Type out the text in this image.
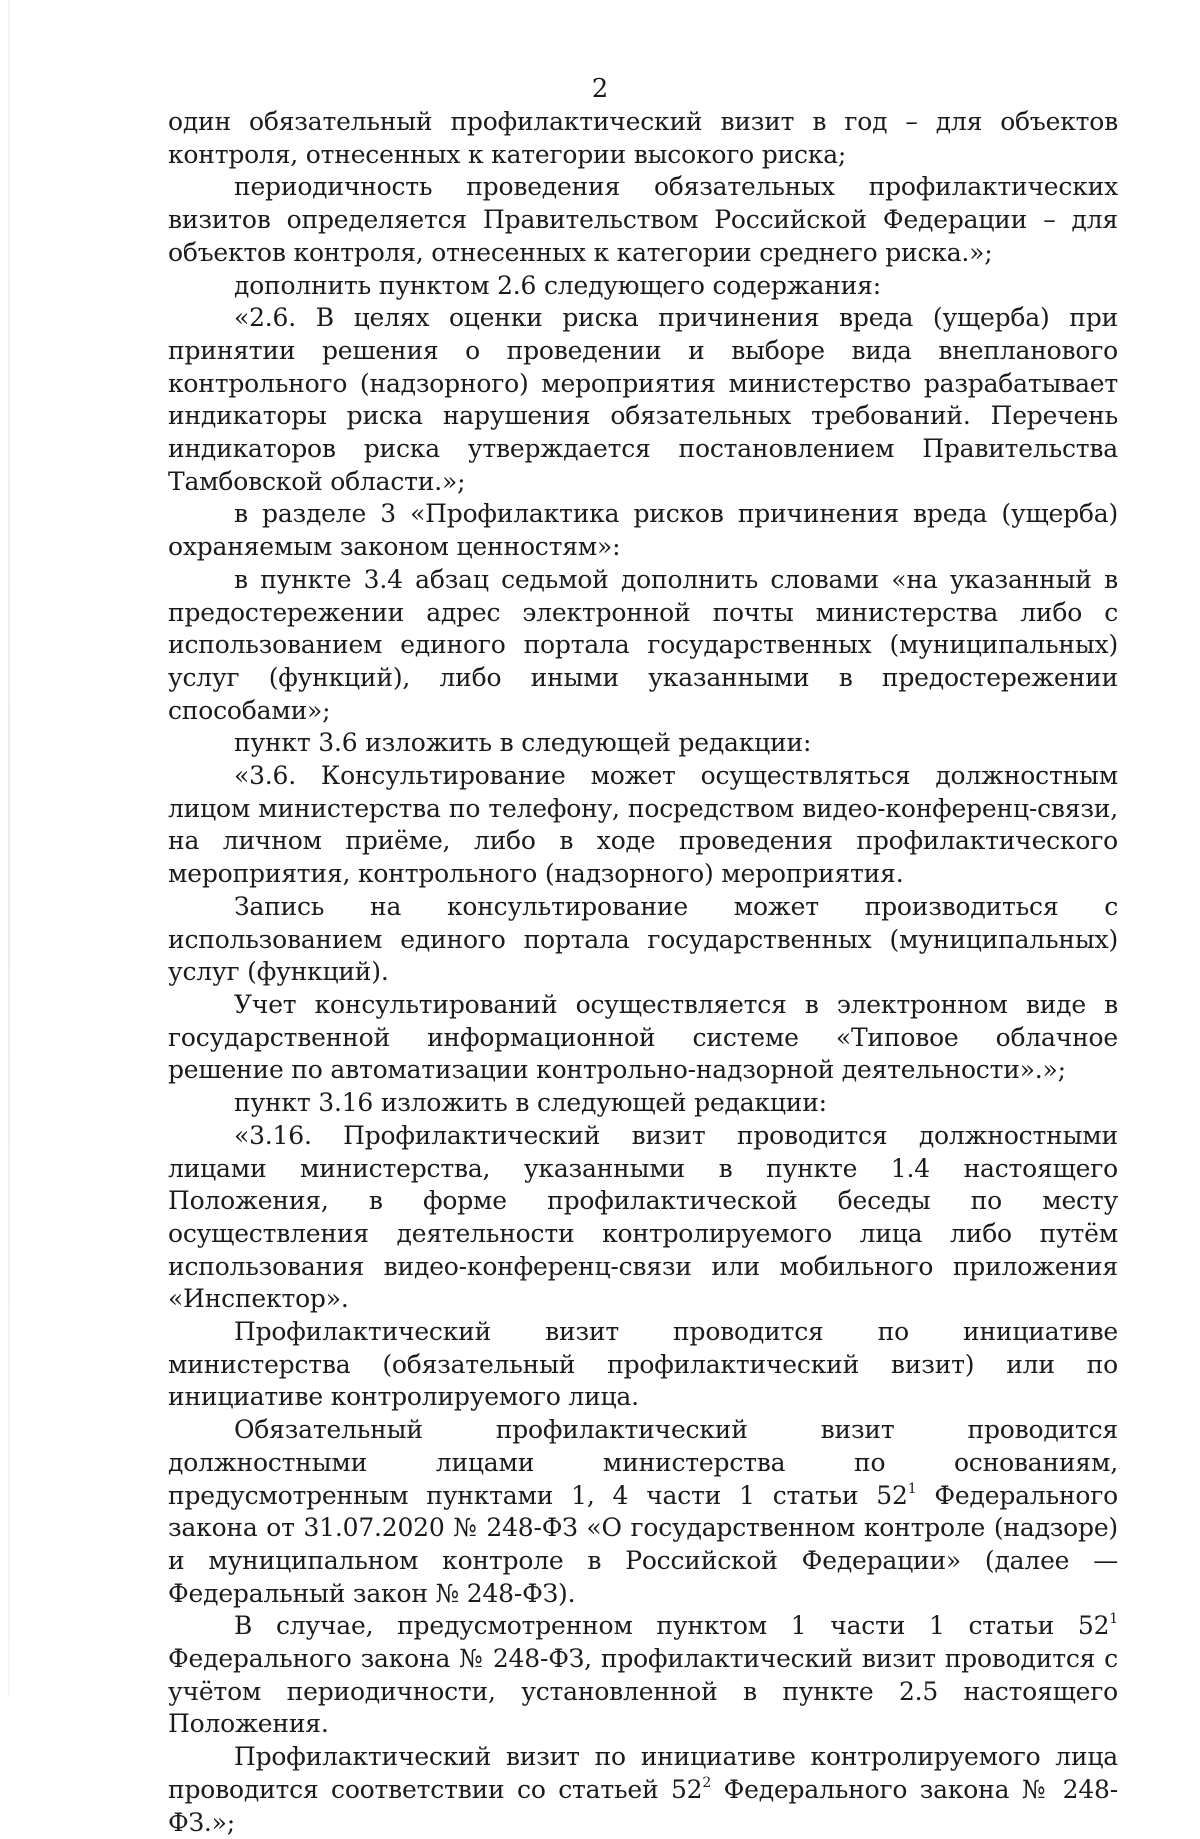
2

один обязательный профилактический визит в год – для объектов контроля, отнесенных к категории высокого риска;

периодичность проведения обязательных профилактических визитов определяется Правительством Российской Федерации – для объектов контроля, отнесенных к категории среднего риска.»;

дополнить пунктом 2.6 следующего содержания:

«2.6. В целях оценки риска причинения вреда (ущерба) при принятии решения о проведении и выборе вида внепланового контрольного (надзорного) мероприятия министерство разрабатывает индикаторы риска нарушения обязательных требований. Перечень индикаторов риска утверждается постановлением Правительства Тамбовской области.»;

в разделе 3 «Профилактика рисков причинения вреда (ущерба) охраняемым законом ценностям»:

в пункте 3.4 абзац седьмой дополнить словами «на указанный в предостережении адрес электронной почты министерства либо с использованием единого портала государственных (муниципальных) услуг (функций), либо иными указанными в предостережении способами»;

пункт 3.6 изложить в следующей редакции:

«3.6. Консультирование может осуществляться должностным лицом министерства по телефону, посредством видео-конференц-связи, на личном приёме, либо в ходе проведения профилактического мероприятия, контрольного (надзорного) мероприятия.

Запись на консультирование может производиться с использованием единого портала государственных (муниципальных) услуг (функций).

Учет консультирований осуществляется в электронном виде в государственной информационной системе «Типовое облачное решение по автоматизации контрольно-надзорной деятельности».»;

пункт 3.16 изложить в следующей редакции:

«3.16. Профилактический визит проводится должностными лицами министерства, указанными в пункте 1.4 настоящего Положения, в форме профилактической беседы по месту осуществления деятельности контролируемого лица либо путём использования видео-конференц-связи или мобильного приложения «Инспектор».

Профилактический визит проводится по инициативе министерства (обязательный профилактический визит) или по инициативе контролируемого лица.

Обязательный профилактический визит проводится должностными лицами министерства по основаниям, предусмотренным пунктами 1, 4 части 1 статьи $52^1$ Федерального закона от 31.07.2020 № 248-ФЗ «О государственном контроле (надзоре) и муниципальном контроле в Российской Федерации» (далее — Федеральный закон № 248-ФЗ).

В случае, предусмотренном пунктом 1 части 1 статьи $52^1$ Федерального закона № 248-ФЗ, профилактический визит проводится с учётом периодичности, установленной в пункте 2.5 настоящего Положения.

Профилактический визит по инициативе контролируемого лица проводится соответствии со статьей $52^2$ Федерального закона № 248-ФЗ.»;
